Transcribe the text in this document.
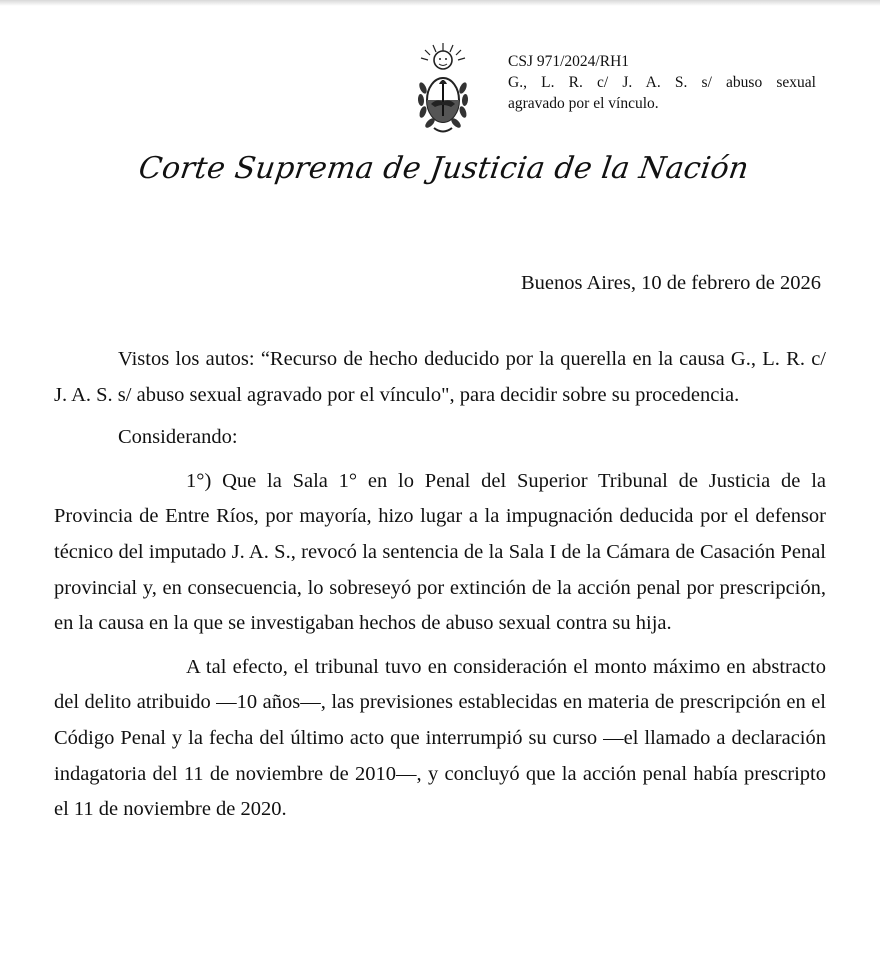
CSJ 971/2024/RH1
G., L. R. c/ J. A. S. s/ abuso sexual
agravado por el vínculo.
Corte Suprema de Justicia de la Nación
Buenos Aires, 10 de febrero de 2026

Vistos los autos: “Recurso de hecho deducido por la querella en la causa G., L. R. c/ J. A. S. s/ abuso sexual agravado por el vínculo", para decidir sobre su procedencia.

Considerando:

1°) Que la Sala 1° en lo Penal del Superior Tribunal de Justicia de la Provincia de Entre Ríos, por mayoría, hizo lugar a la impugnación deducida por el defensor técnico del imputado J. A. S., revocó la sentencia de la Sala I de la Cámara de Casación Penal provincial y, en consecuencia, lo sobreseyó por extinción de la acción penal por prescripción, en la causa en la que se investigaban hechos de abuso sexual contra su hija.

A tal efecto, el tribunal tuvo en consideración el monto máximo en abstracto del delito atribuido —10 años—, las previsiones establecidas en materia de prescripción en el Código Penal y la fecha del último acto que interrumpió su curso —el llamado a declaración indagatoria del 11 de noviembre de 2010—, y concluyó que la acción penal había prescripto el 11 de noviembre de 2020.
